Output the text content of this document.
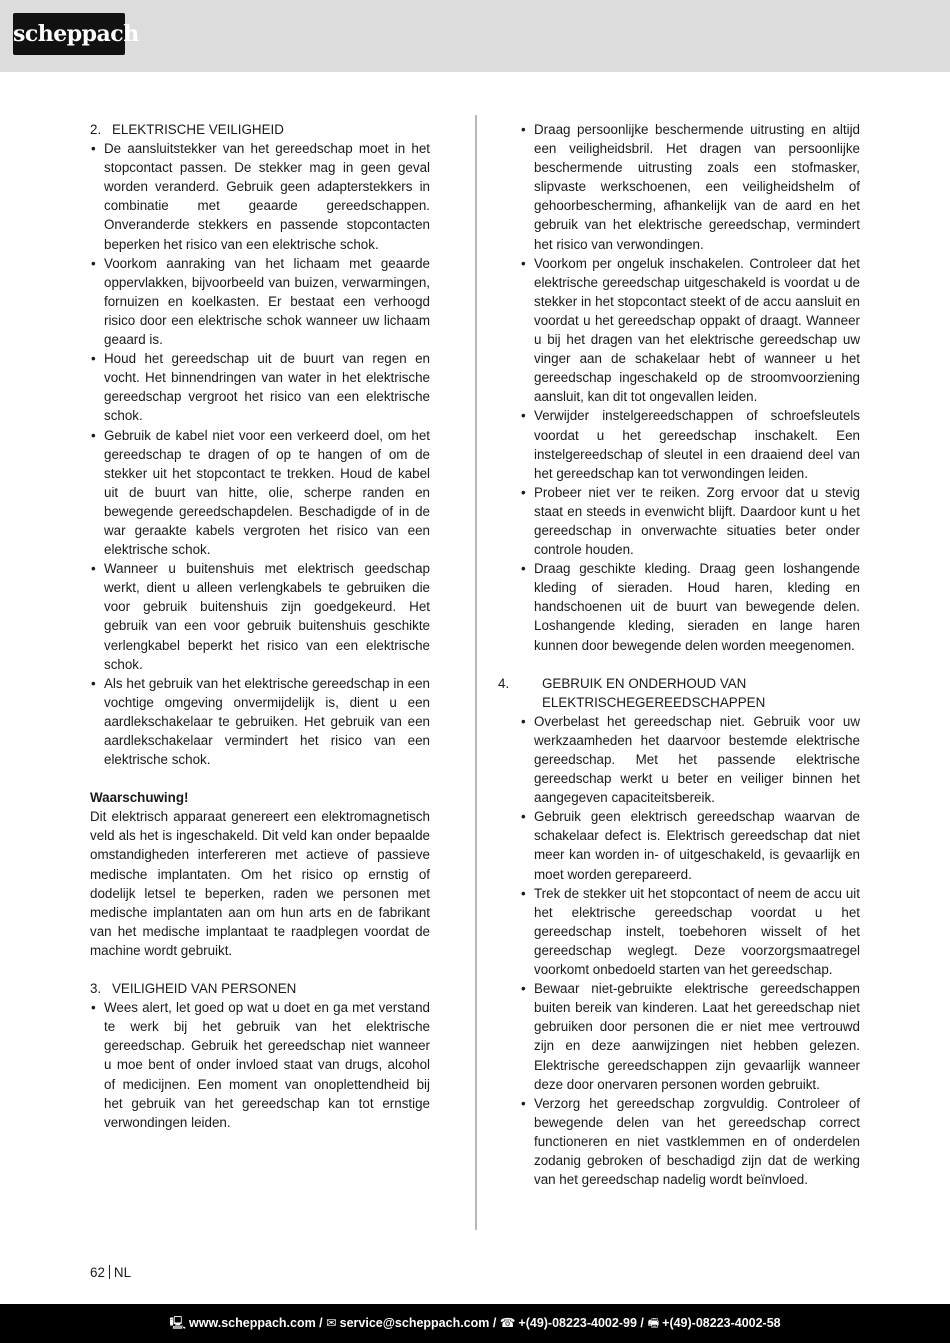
scheppach
2. ELEKTRISCHE VEILIGHEID
• De aansluitstekker van het gereedschap moet in het stopcontact passen. De stekker mag in geen geval worden veranderd. Gebruik geen adapterstekkers in combinatie met geaarde gereedschappen. Onveranderde stekkers en passende stopcontacten beperken het risico van een elektrische schok.
• Voorkom aanraking van het lichaam met geaarde oppervlakken, bijvoorbeeld van buizen, verwarmingen, fornuizen en koelkasten. Er bestaat een verhoogd risico door een elektrische schok wanneer uw lichaam geaard is.
• Houd het gereedschap uit de buurt van regen en vocht. Het binnendringen van water in het elektrische gereedschap vergroot het risico van een elektrische schok.
• Gebruik de kabel niet voor een verkeerd doel, om het gereedschap te dragen of op te hangen of om de stekker uit het stopcontact te trekken. Houd de kabel uit de buurt van hitte, olie, scherpe randen en bewegende gereedschapdelen. Beschadigde of in de war geraakte kabels vergroten het risico van een elektrische schok.
• Wanneer u buitenshuis met elektrisch geedschap werkt, dient u alleen verlengkabels te gebruiken die voor gebruik buitenshuis zijn goedgekeurd. Het gebruik van een voor gebruik buitenshuis geschikte verlengkabel beperkt het risico van een elektrische schok.
• Als het gebruik van het elektrische gereedschap in een vochtige omgeving onvermijdelijk is, dient u een aardlekschakelaar te gebruiken. Het gebruik van een aardlekschakelaar vermindert het risico van een elektrische schok.

Waarschuwing!

Dit elektrisch apparaat genereert een elektromagnetisch veld als het is ingeschakeld. Dit veld kan onder bepaalde omstandigheden interfereren met actieve of passieve medische implantaten. Om het risico op ernstig of dodelijk letsel te beperken, raden we personen met medische implantaten aan om hun arts en de fabrikant van het medische implantaat te raadplegen voordat de machine wordt gebruikt.

3. VEILIGHEID VAN PERSONEN
• Wees alert, let goed op wat u doet en ga met verstand te werk bij het gebruik van het elektrische gereedschap. Gebruik het gereedschap niet wanneer u moe bent of onder invloed staat van drugs, alcohol of medicijnen. Een moment van onoplettendheid bij het gebruik van het gereedschap kan tot ernstige verwondingen leiden.
• Draag persoonlijke beschermende uitrusting en altijd een veiligheidsbril. Het dragen van persoonlijke beschermende uitrusting zoals een stofmasker, slipvaste werkschoenen, een veiligheidshelm of gehoorbescherming, afhankelijk van de aard en het gebruik van het elektrische gereedschap, vermindert het risico van verwondingen.
• Voorkom per ongeluk inschakelen. Controleer dat het elektrische gereedschap uitgeschakeld is voordat u de stekker in het stopcontact steekt of de accu aansluit en voordat u het gereedschap oppakt of draagt. Wanneer u bij het dragen van het elektrische gereedschap uw vinger aan de schakelaar hebt of wanneer u het gereedschap ingeschakeld op de stroomvoorziening aansluit, kan dit tot ongevallen leiden.
• Verwijder instelgereedschappen of schroefsleutels voordat u het gereedschap inschakelt. Een instelgereedschap of sleutel in een draaiend deel van het gereedschap kan tot verwondingen leiden.
• Probeer niet ver te reiken. Zorg ervoor dat u stevig staat en steeds in evenwicht blijft. Daardoor kunt u het gereedschap in onverwachte situaties beter onder controle houden.
• Draag geschikte kleding. Draag geen loshangende kleding of sieraden. Houd haren, kleding en handschoenen uit de buurt van bewegende delen. Loshangende kleding, sieraden en lange haren kunnen door bewegende delen worden meegenomen.
4. GEBRUIK EN ONDERHOUD VAN ELEKTRISCHEGEREEDSCHAPPEN
• Overbelast het gereedschap niet. Gebruik voor uw werkzaamheden het daarvoor bestemde elektrische gereedschap. Met het passende elektrische gereedschap werkt u beter en veiliger binnen het aangegeven capaciteitsbereik.
• Gebruik geen elektrisch gereedschap waarvan de schakelaar defect is. Elektrisch gereedschap dat niet meer kan worden in- of uitgeschakeld, is gevaarlijk en moet worden gerepareerd.
• Trek de stekker uit het stopcontact of neem de accu uit het elektrische gereedschap voordat u het gereedschap instelt, toebehoren wisselt of het gereedschap weglegt. Deze voorzorgsmaatregel voorkomt onbedoeld starten van het gereedschap.
• Bewaar niet-gebruikte elektrische gereedschappen buiten bereik van kinderen. Laat het gereedschap niet gebruiken door personen die er niet mee vertrouwd zijn en deze aanwijzingen niet hebben gelezen. Elektrische gereedschappen zijn gevaarlijk wanneer deze door onervaren personen worden gebruikt.
• Verzorg het gereedschap zorgvuldig. Controleer of bewegende delen van het gereedschap correct functioneren en niet vastklemmen en of onderdelen zodanig gebroken of beschadigd zijn dat de werking van het gereedschap nadelig wordt beïnvloed.
62 NL
🖳 www.scheppach.com / ✉ service@scheppach.com / ☎ +(49)-08223-4002-99 / 🖷 +(49)-08223-4002-58
